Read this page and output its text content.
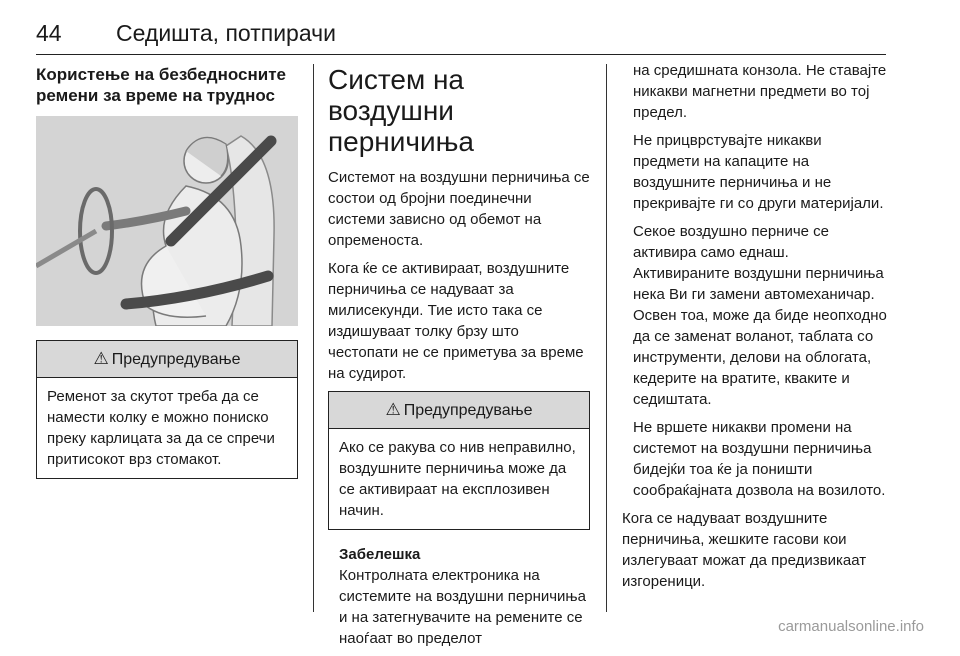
44 Седишта, потпирачи
Користење на безбедносните ремени за време на труднос
⚠ Предупредување
Ременот за скутот треба да се намести колку е можно пониско преку карлицата за да се спречи притисокот врз стомакот.
Систем на воздушни перничиња

Системот на воздушни перничиња се состои од бројни поединечни системи зависно од обемот на опременоста.

Кога ќе се активираат, воздушните перничиња се надуваат за милисекунди. Тие исто така се издишуваат толку брзу што честопати не се приметува за време на судирот.

⚠ Предупредување
Ако се ракува со нив неправилно, воздушните перничиња може да се активираат на експлозивен начин.
Забелешка

Контролната електроника на системите на воздушни перничиња и на затегнувачите на ремените се наоѓаат во пределот

на средишната конзола. Не ставајте никакви магнетни предмети во тој предел.

Не прицврстувајте никакви предмети на капаците на воздушните перничиња и не прекривајте ги со други материјали.

Секое воздушно перниче се активира само еднаш. Активираните воздушни перничиња нека Ви ги замени автомеханичар. Освен тоа, може да биде неопходно да се заменат воланот, таблата со инструменти, делови на облогата, кедерите на вратите, кваките и седиштата.

Не вршете никакви промени на системот на воздушни перничиња бидејќи тоа ќе ја поништи сообраќајната дозвола на возилото.

Кога се надуваат воздушните перничиња, жешките гасови кои излегуваат можат да предизвикаат изгореници.

carmanualsonline.info
